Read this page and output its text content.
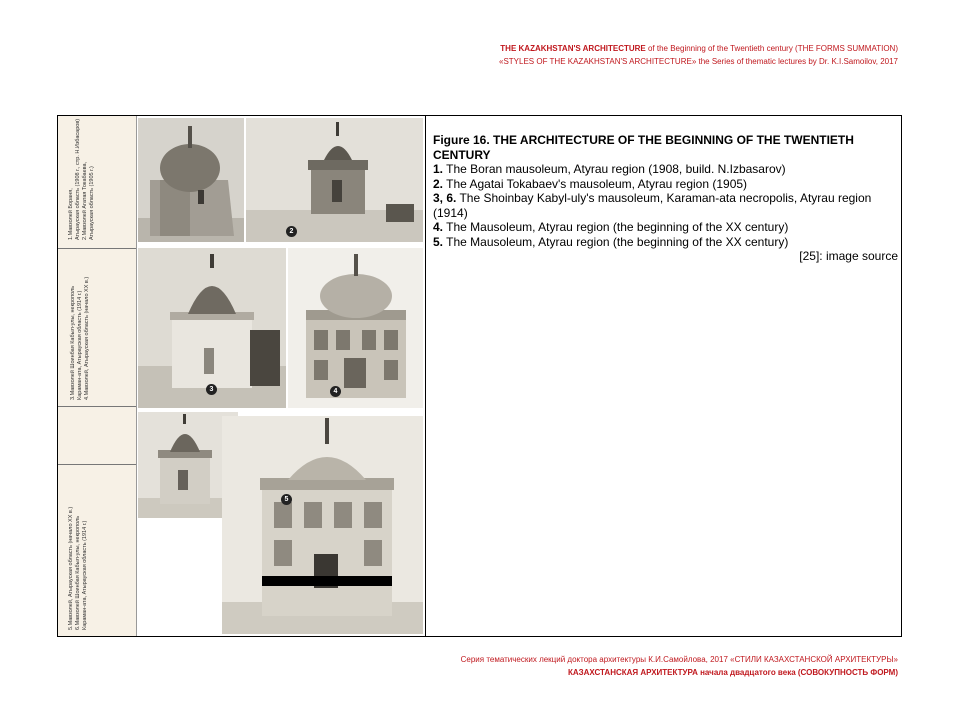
THE KAZAKHSTAN'S ARCHITECTURE of the Beginning of the Twentieth century (THE FORMS SUMMATION)
«STYLES OF THE KAZAKHSTAN'S ARCHITECTURE» the Series of thematic lectures by Dr. K.I.Samoilov, 2017
1.Мавзолей Бораня, Атырауская область (1908 г., стр. Н.Избасаров) 2.Мавзолей Агатая Токабаева, Атырауская область (1905 г.)
3.Мавзолей Шоинбая Кабыл-улы, некрополь Караман-ата, Атырауская область (1914 г.) 4.Мавзолей, Атырауская область (начало ХХ в.)
5.Мавзолей, Атырауская область (начало ХХ в.) 6.Мавзолей Шоинбая Кабыл-улы, некрополь Караман-ата, Атырауская область (1914 г.)
2
3	4
5
Figure 16. THE ARCHITECTURE OF THE BEGINNING OF THE TWENTIETH CENTURY
1. The Boran mausoleum, Atyrau region (1908, build. N.Izbasarov)
2. The Agatai Tokabaev's mausoleum, Atyrau region (1905)
3, 6. The Shoinbay Kabyl-uly's mausoleum, Karaman-ata necropolis, Atyrau region (1914)
4. The Mausoleum, Atyrau region (the beginning of the XX century)
5. The Mausoleum, Atyrau region (the beginning of the XX century)
[25]: image source
Серия тематических лекций доктора архитектуры К.И.Самойлова, 2017 «СТИЛИ КАЗАХСТАНСКОЙ АРХИТЕКТУРЫ»
КАЗАХСТАНСКАЯ АРХИТЕКТУРА начала двадцатого века (СОВОКУПНОСТЬ ФОРМ)
